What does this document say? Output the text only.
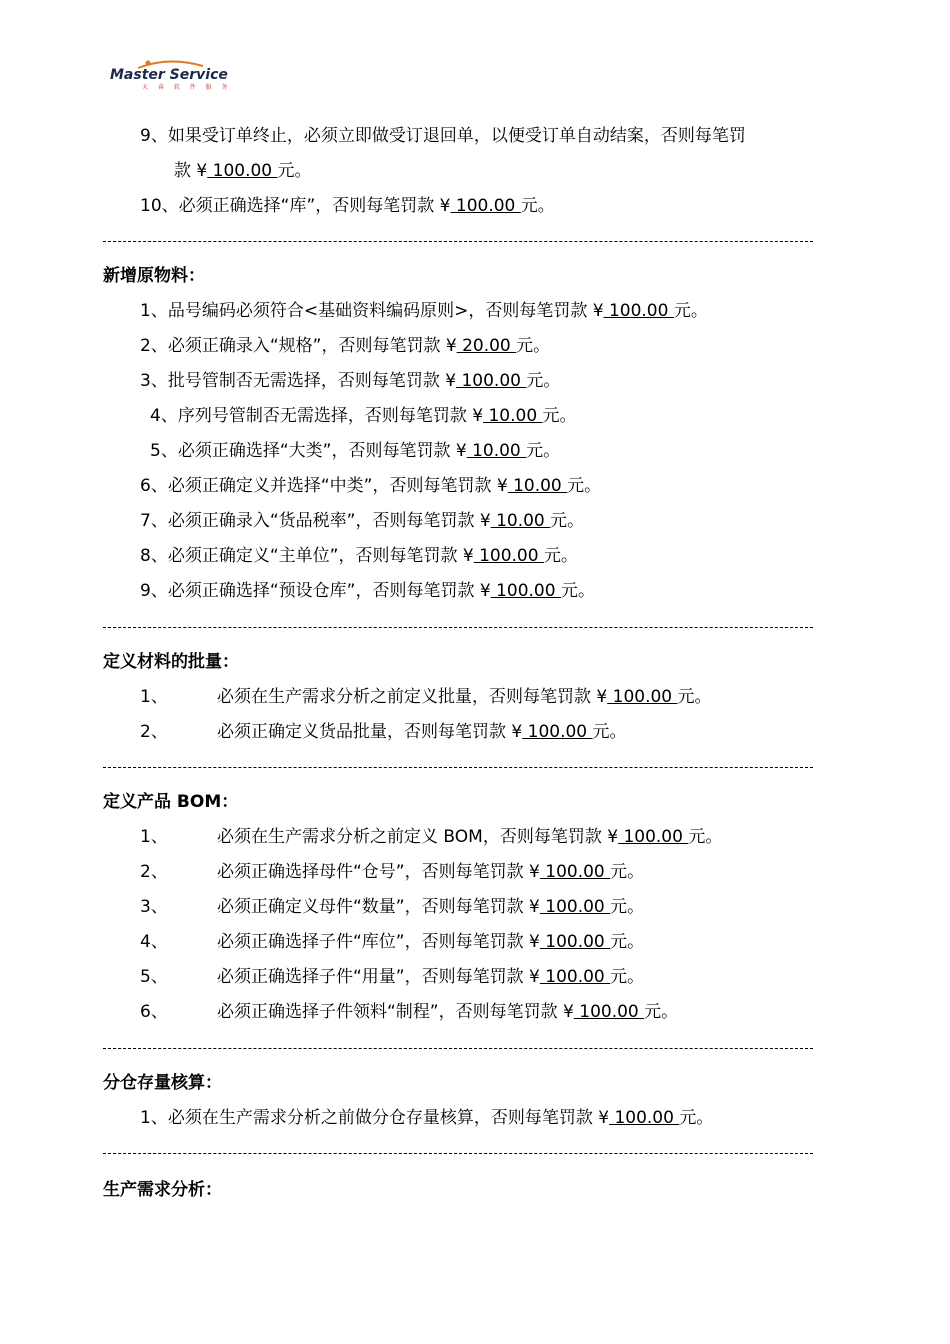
Master Service
天 睿 软 件 服 务
9、如果受订单终止，必须立即做受订退回单，以便受订单自动结案，否则每笔罚
款 ¥ 100.00 元。
10、必须正确选择“库”，否则每笔罚款 ¥ 100.00 元。
新增原物料：
1、品号编码必须符合<基础资料编码原则>，否则每笔罚款 ¥ 100.00 元。
2、必须正确录入“规格”，否则每笔罚款 ¥ 20.00 元。
3、批号管制否无需选择，否则每笔罚款 ¥ 100.00 元。
4、序列号管制否无需选择，否则每笔罚款 ¥ 10.00 元。
5、必须正确选择“大类”，否则每笔罚款 ¥ 10.00 元。
6、必须正确定义并选择“中类”，否则每笔罚款 ¥ 10.00 元。
7、必须正确录入“货品税率”，否则每笔罚款 ¥ 10.00 元。
8、必须正确定义“主单位”，否则每笔罚款 ¥ 100.00 元。
9、必须正确选择“预设仓库”，否则每笔罚款 ¥ 100.00 元。
定义材料的批量：
1、	必须在生产需求分析之前定义批量，否则每笔罚款 ¥ 100.00 元。
2、	必须正确定义货品批量，否则每笔罚款 ¥ 100.00 元。
定义产品 BOM：
1、	必须在生产需求分析之前定义 BOM，否则每笔罚款 ¥ 100.00 元。
2、	必须正确选择母件“仓号”，否则每笔罚款 ¥ 100.00 元。
3、	必须正确定义母件“数量”，否则每笔罚款 ¥ 100.00 元。
4、	必须正确选择子件“库位”，否则每笔罚款 ¥ 100.00 元。
5、	必须正确选择子件“用量”，否则每笔罚款 ¥ 100.00 元。
6、	必须正确选择子件领料“制程”，否则每笔罚款 ¥ 100.00 元。
分仓存量核算：
1、必须在生产需求分析之前做分仓存量核算，否则每笔罚款 ¥ 100.00 元。
生产需求分析：
